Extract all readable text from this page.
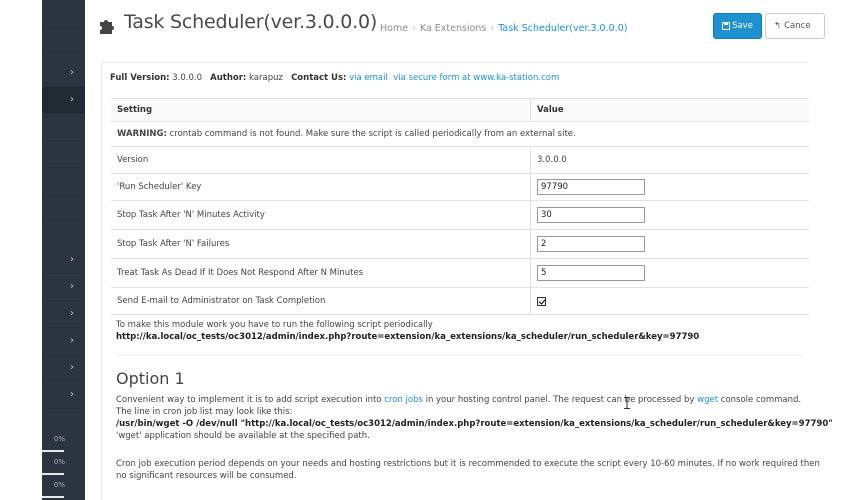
›
›
›
›
›
›
›
›
0%
0%
0%
Task Scheduler(ver.3.0.0.0) Home › Ka Extensions › Task Scheduler(ver.3.0.0.0)	Save ↰ Cance
Full Version: 3.0.0.0 Author: karapuz Contact Us: via email via secure form at www.ka-station.com
Setting	Value
WARNING:
crontab command is not found. Make sure the script is called periodically from an external site.
Version	3.0.0.0
'Run Scheduler' Key	97790
Stop Task After 'N' Minutes Activity	30
Stop Task After 'N' Failures	2
Treat Task As Dead If It Does Not Respond After N Minutes	5
Send E-mail to Administrator on Task Completion
To make this module work you have to run the following script periodically
http://ka.local/oc_tests/oc3012/admin/index.php?route=extension/ka_extensions/ka_scheduler/run_scheduler&key=97790
Option 1
Convenient way to implement it is to add script execution into cron jobs in your hosting control panel. The request can be processed by wget console command.
The line in cron job list may look like this:
/usr/bin/wget -O /dev/null "http://ka.local/oc_tests/oc3012/admin/index.php?route=extension/ka_extensions/ka_scheduler/run_scheduler&key=97790"
'wget' application should be available at the specified path.
Cron job execution period depends on your needs and hosting restrictions but it is recommended to execute the script every 10-60 minutes. If no work required then
no significant resources will be consumed.
